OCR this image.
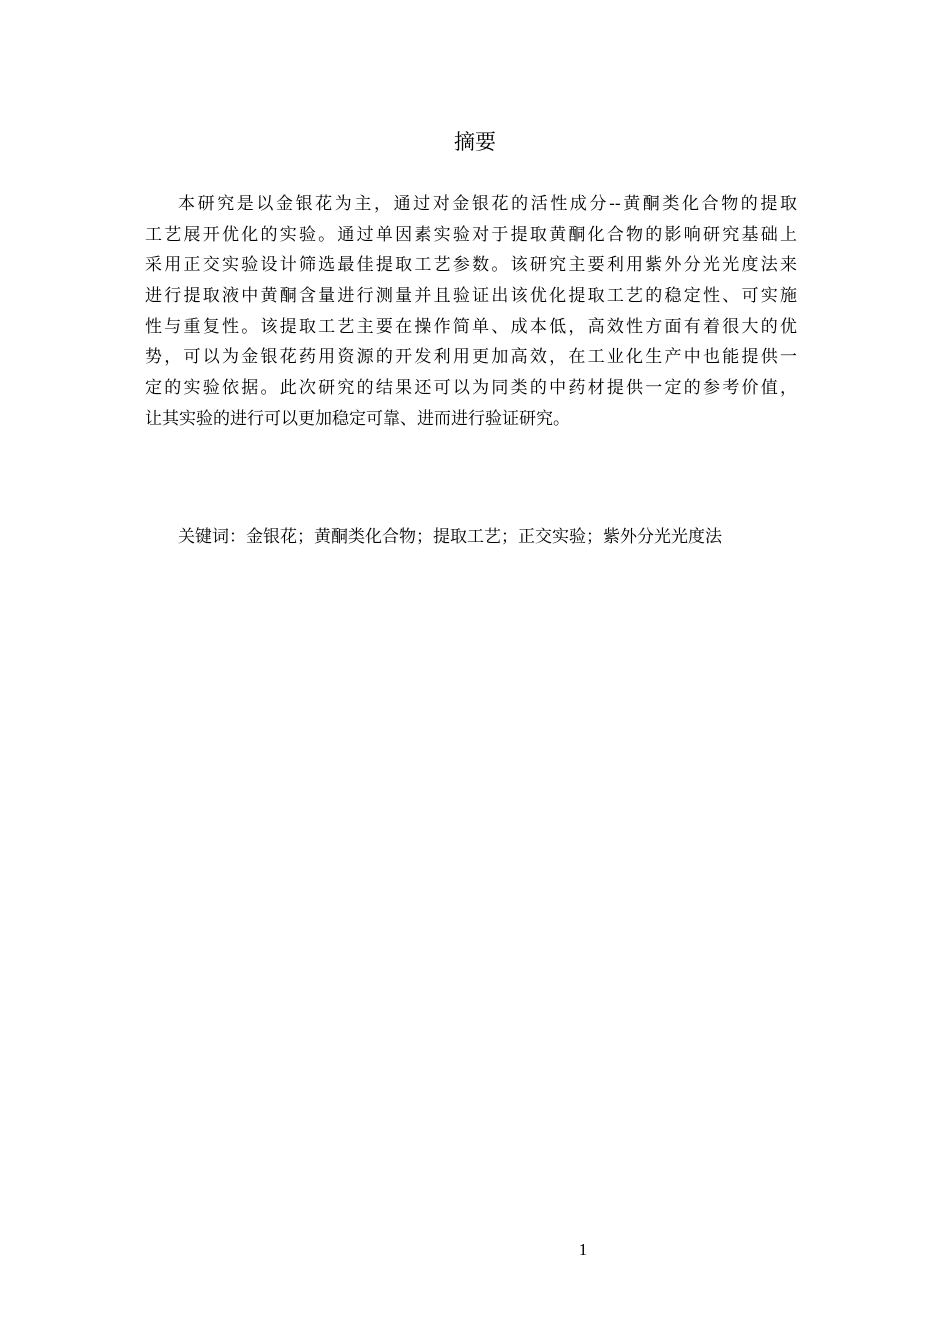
摘要
本研究是以金银花为主，通过对金银花的活性成分--黄酮类化合物的提取
工艺展开优化的实验。通过单因素实验对于提取黄酮化合物的影响研究基础上
采用正交实验设计筛选最佳提取工艺参数。该研究主要利用紫外分光光度法来
进行提取液中黄酮含量进行测量并且验证出该优化提取工艺的稳定性、可实施
性与重复性。该提取工艺主要在操作简单、成本低，高效性方面有着很大的优
势，可以为金银花药用资源的开发利用更加高效，在工业化生产中也能提供一
定的实验依据。此次研究的结果还可以为同类的中药材提供一定的参考价值，
让其实验的进行可以更加稳定可靠、进而进行验证研究。

关键词：金银花；黄酮类化合物；提取工艺；正交实验；紫外分光光度法

1
